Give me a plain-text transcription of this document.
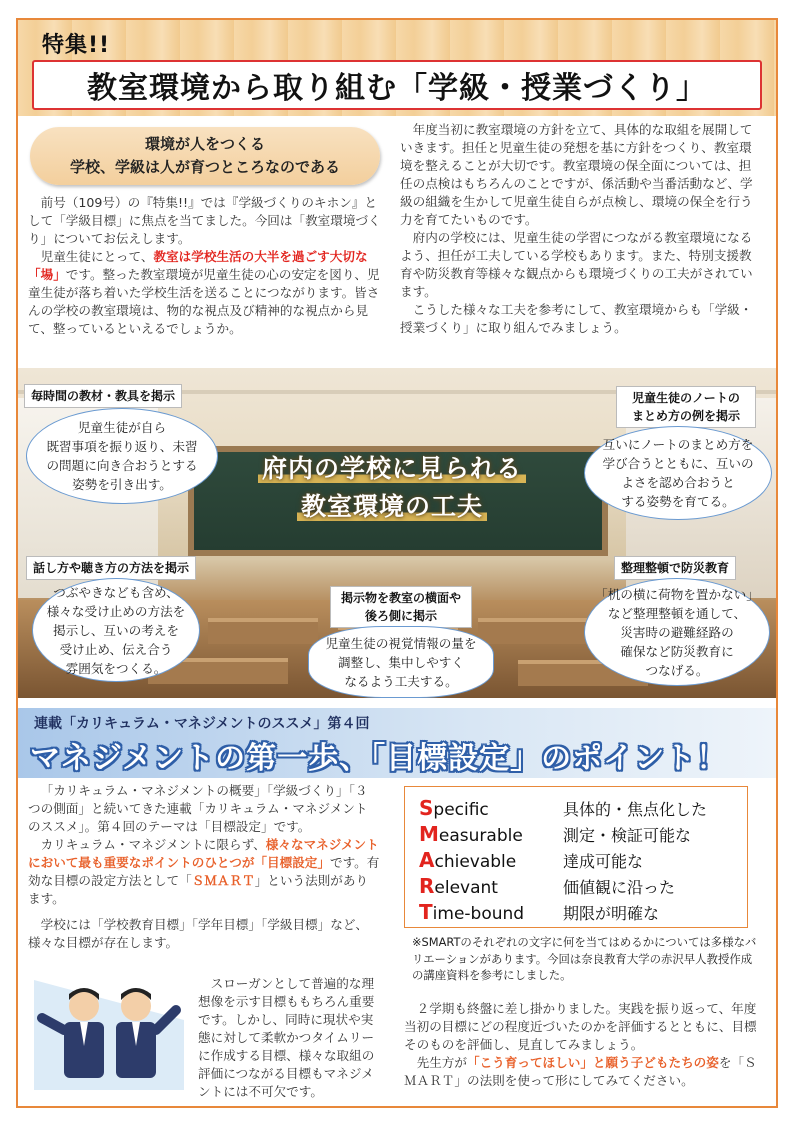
特集!!
教室環境から取り組む「学級・授業づくり」
環境が人をつくる
学校、学級は人が育つところなのである

前号（109号）の『特集!!』では『学級づくりのキホン』として「学級目標」に焦点を当てました。今回は「教室環境づくり」についてお伝えします。

児童生徒にとって、教室は学校生活の大半を過ごす大切な「場」です。整った教室環境が児童生徒の心の安定を図り、児童生徒が落ち着いた学校生活を送ることにつながります。皆さんの学校の教室環境は、物的な視点及び精神的な視点から見て、整っているといえるでしょうか。

年度当初に教室環境の方針を立て、具体的な取組を展開していきます。担任と児童生徒の発想を基に方針をつくり、教室環境を整えることが大切です。教室環境の保全面については、担任の点検はもちろんのことですが、係活動や当番活動など、学級の組織を生かして児童生徒自らが点検し、環境の保全を行う力を育てたいものです。

府内の学校には、児童生徒の学習につながる教室環境になるよう、担任が工夫している学校もあります。また、特別支援教育や防災教育等様々な観点からも環境づくりの工夫がされています。

こうした様々な工夫を参考にして、教室環境からも「学級・授業づくり」に取り組んでみましょう。

府内の学校に見られる
教室環境の工夫
毎時間の教材・教具を掲示
児童生徒が自ら
既習事項を振り返り、未習
の問題に向き合おうとする
姿勢を引き出す。
児童生徒のノートの
まとめ方の例を掲示
互いにノートのまとめ方を
学び合うとともに、互いの
よさを認め合おうと
する姿勢を育てる。
話し方や聴き方の方法を掲示
つぶやきなども含め、
様々な受け止めの方法を
掲示し、互いの考えを
受け止め、伝え合う
雰囲気をつくる。
掲示物を教室の横面や
後ろ側に掲示
児童生徒の視覚情報の量を
調整し、集中しやすく
なるよう工夫する。
整理整頓で防災教育
「机の横に荷物を置かない」
など整理整頓を通して、
災害時の避難経路の
確保など防災教育に
つなげる。
連載「カリキュラム・マネジメントのススメ」第４回
マネジメントの第一歩、「目標設定」のポイント！

「カリキュラム・マネジメントの概要」「学級づくり」「３つの側面」と続いてきた連載「カリキュラム・マネジメントのススメ」。第４回のテーマは「目標設定」です。

カリキュラム・マネジメントに限らず、様々なマネジメントにおいて最も重要なポイントのひとつが「目標設定」です。有効な目標の設定方法として「ＳＭＡＲＴ」という法則があります。

学校には「学校教育目標」「学年目標」「学級目標」など、様々な目標が存在します。

スローガンとして普遍的な理想像を示す目標ももちろん重要です。しかし、同時に現状や実態に対して柔軟かつタイムリーに作成する目標、様々な取組の評価につながる目標もマネジメントには不可欠です。

Specific	具体的・焦点化した
Measurable	測定・検証可能な
Achievable	達成可能な
Relevant	価値観に沿った
Time-bound	期限が明確な
※SMARTのそれぞれの文字に何を当てはめるかについては多様なバリエーションがあります。今回は奈良教育大学の赤沢早人教授作成の講座資料を参考にしました。

２学期も終盤に差し掛かりました。実践を振り返って、年度当初の目標にどの程度近づいたのかを評価するとともに、目標そのものを評価し、見直してみましょう。

先生方が「こう育ってほしい」と願う子どもたちの姿を「ＳＭＡＲＴ」の法則を使って形にしてみてください。
